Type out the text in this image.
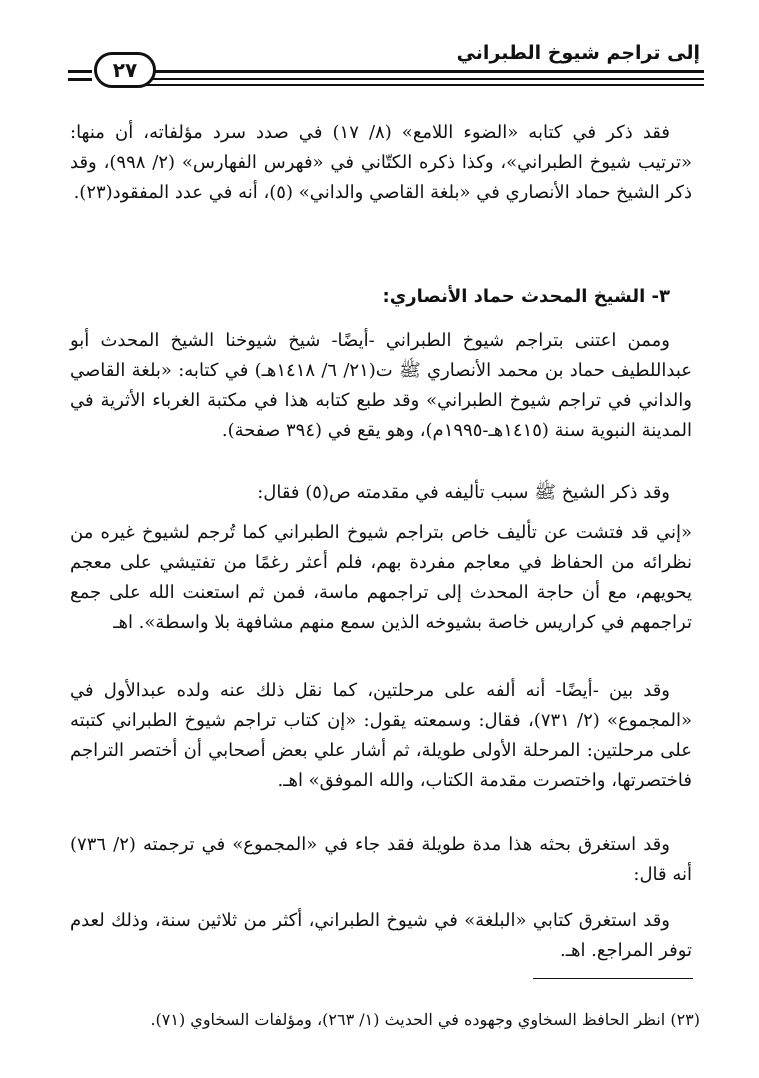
إلى تراجم شيوخ الطبراني
٢٧
فقد ذكر في كتابه «الضوء اللامع» (٨/ ١٧) في صدد سرد مؤلفاته، أن منها: «ترتيب شيوخ الطبراني»، وكذا ذكره الكتّاني في «فهرس الفهارس» (٢/ ٩٩٨)، وقد ذكر الشيخ حماد الأنصاري في «بلغة القاصي والداني» (٥)، أنه في عدد المفقود(٢٣).
٣- الشيخ المحدث حماد الأنصاري:
وممن اعتنى بتراجم شيوخ الطبراني -أيضًا- شيخ شيوخنا الشيخ المحدث أبو عبداللطيف حماد بن محمد الأنصاري ﷺ ت(٢١/ ٦/ ١٤١٨هـ) في كتابه: «بلغة القاصي والداني في تراجم شيوخ الطبراني» وقد طبع كتابه هذا في مكتبة الغرباء الأثرية في المدينة النبوية سنة (١٤١٥هـ-١٩٩٥م)، وهو يقع في (٣٩٤ صفحة).
وقد ذكر الشيخ ﷺ سبب تأليفه في مقدمته ص(٥) فقال:
«إني قد فتشت عن تأليف خاص بتراجم شيوخ الطبراني كما تُرجم لشيوخ غيره من نظرائه من الحفاظ في معاجم مفردة بهم، فلم أعثر رغمًا من تفتيشي على معجم يحويهم، مع أن حاجة المحدث إلى تراجمهم ماسة، فمن ثم استعنت الله على جمع تراجمهم في كراريس خاصة بشيوخه الذين سمع منهم مشافهة بلا واسطة». اهـ
وقد بين -أيضًا- أنه ألفه على مرحلتين، كما نقل ذلك عنه ولده عبدالأول في «المجموع» (٢/ ٧٣١)، فقال: وسمعته يقول: «إن كتاب تراجم شيوخ الطبراني كتبته على مرحلتين: المرحلة الأولى طويلة، ثم أشار علي بعض أصحابي أن أختصر التراجم فاختصرتها، واختصرت مقدمة الكتاب، والله الموفق» اهـ.
وقد استغرق بحثه هذا مدة طويلة فقد جاء في «المجموع» في ترجمته (٢/ ٧٣٦) أنه قال:
وقد استغرق كتابي «البلغة» في شيوخ الطبراني، أكثر من ثلاثين سنة، وذلك لعدم توفر المراجع. اهـ.
(٢٣) انظر الحافظ السخاوي وجهوده في الحديث (١/ ٢٦٣)، ومؤلفات السخاوي (٧١).
